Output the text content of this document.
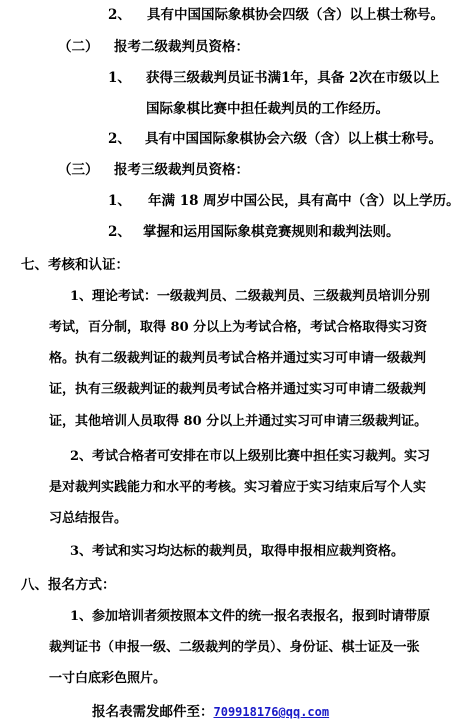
2、 具有中国国际象棋协会四级（含）以上棋士称号。
（二） 报考二级裁判员资格：
1、 获得三级裁判员证书满1年，具备 2次在市级以上
国际象棋比赛中担任裁判员的工作经历。
2、 具有中国国际象棋协会六级（含）以上棋士称号。
（三） 报考三级裁判员资格：
1、 年满 18 周岁中国公民，具有高中（含）以上学历。
2、 掌握和运用国际象棋竞赛规则和裁判法则。
七、考核和认证：
1、理论考试：一级裁判员、二级裁判员、三级裁判员培训分别
考试，百分制，取得 80 分以上为考试合格，考试合格取得实习资
格。执有二级裁判证的裁判员考试合格并通过实习可申请一级裁判
证，执有三级裁判证的裁判员考试合格并通过实习可申请二级裁判
证，其他培训人员取得 80 分以上并通过实习可申请三级裁判证。
2、考试合格者可安排在市以上级别比赛中担任实习裁判。实习
是对裁判实践能力和水平的考核。实习着应于实习结束后写个人实
习总结报告。
3、考试和实习均达标的裁判员，取得申报相应裁判资格。
八、报名方式：
1、参加培训者须按照本文件的统一报名表报名，报到时请带原
裁判证书（申报一级、二级裁判的学员）、身份证、棋士证及一张
一寸白底彩色照片。
报名表需发邮件至：709918176@qq.com
